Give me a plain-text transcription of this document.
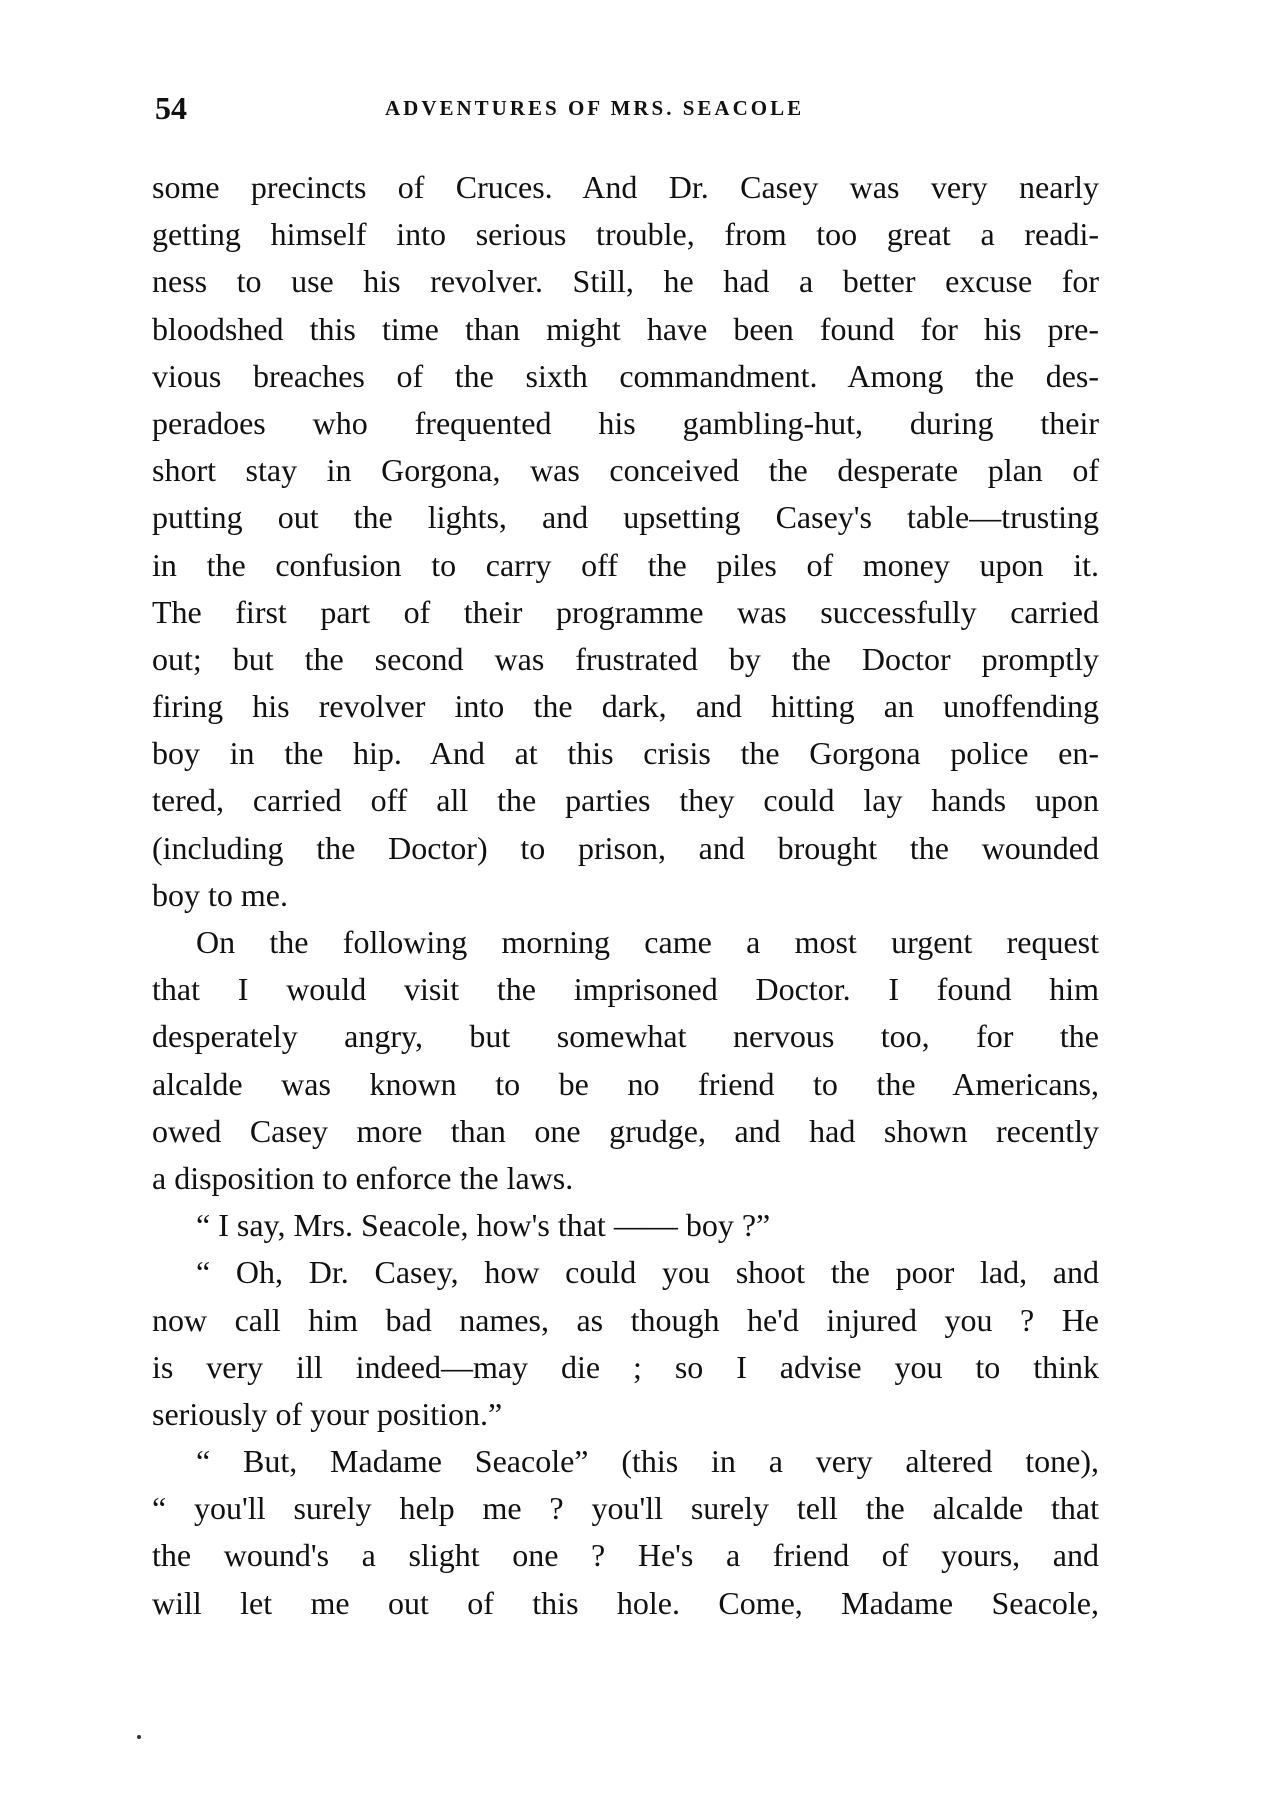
54	ADVENTURES OF MRS. SEACOLE
some precincts of Cruces. And Dr. Casey was very nearly
getting himself into serious trouble, from too great a readi-
ness to use his revolver. Still, he had a better excuse for
bloodshed this time than might have been found for his pre-
vious breaches of the sixth commandment. Among the des-
peradoes who frequented his gambling-hut, during their
short stay in Gorgona, was conceived the desperate plan of
putting out the lights, and upsetting Casey's table—trusting
in the confusion to carry off the piles of money upon it.
The first part of their programme was successfully carried
out; but the second was frustrated by the Doctor promptly
firing his revolver into the dark, and hitting an unoffending
boy in the hip. And at this crisis the Gorgona police en-
tered, carried off all the parties they could lay hands upon
(including the Doctor) to prison, and brought the wounded
boy to me.
On the following morning came a most urgent request
that I would visit the imprisoned Doctor. I found him
desperately angry, but somewhat nervous too, for the
alcalde was known to be no friend to the Americans,
owed Casey more than one grudge, and had shown recently
a disposition to enforce the laws.
“ I say, Mrs. Seacole, how's that —— boy ?”
“ Oh, Dr. Casey, how could you shoot the poor lad, and
now call him bad names, as though he'd injured you ? He
is very ill indeed—may die ; so I advise you to think
seriously of your position.”
“ But, Madame Seacole” (this in a very altered tone),
“ you'll surely help me ? you'll surely tell the alcalde that
the wound's a slight one ? He's a friend of yours, and
will let me out of this hole. Come, Madame Seacole,
